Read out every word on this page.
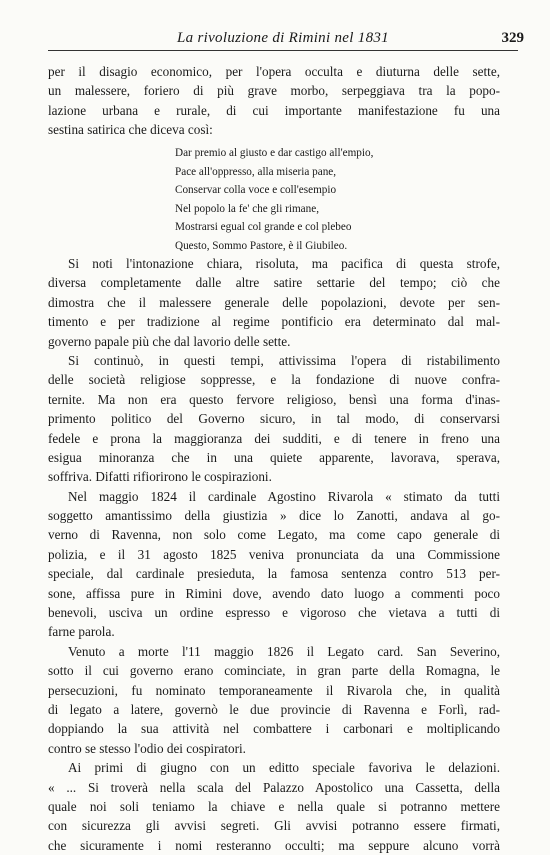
La rivoluzione di Rimini nel 1831	329
per il disagio economico, per l'opera occulta e diuturna delle sette,
un malessere, foriero di più grave morbo, serpeggiava tra la popo-
lazione urbana e rurale, di cui importante manifestazione fu una
sestina satirica che diceva così:
Dar premio al giusto e dar castigo all'empio,
Pace all'oppresso, alla miseria pane,
Conservar colla voce e coll'esempio
Nel popolo la fe' che gli rimane,
Mostrarsi egual col grande e col plebeo
Questo, Sommo Pastore, è il Giubileo.
Si noti l'intonazione chiara, risoluta, ma pacifica di questa strofe,
diversa completamente dalle altre satire settarie del tempo; ciò che
dimostra che il malessere generale delle popolazioni, devote per sen-
timento e per tradizione al regime pontificio era determinato dal mal-
governo papale più che dal lavorio delle sette.
Si continuò, in questi tempi, attivissima l'opera di ristabilimento
delle società religiose soppresse, e la fondazione di nuove confra-
ternite. Ma non era questo fervore religioso, bensì una forma d'inas-
primento politico del Governo sicuro, in tal modo, di conservarsi
fedele e prona la maggioranza dei sudditi, e di tenere in freno una
esigua minoranza che in una quiete apparente, lavorava, sperava,
soffriva. Difatti rifiorirono le cospirazioni.
Nel maggio 1824 il cardinale Agostino Rivarola « stimato da tutti
soggetto amantissimo della giustizia » dice lo Zanotti, andava al go-
verno di Ravenna, non solo come Legato, ma come capo generale di
polizia, e il 31 agosto 1825 veniva pronunciata da una Commissione
speciale, dal cardinale presieduta, la famosa sentenza contro 513 per-
sone, affissa pure in Rimini dove, avendo dato luogo a commenti poco
benevoli, usciva un ordine espresso e vigoroso che vietava a tutti di
farne parola.
Venuto a morte l'11 maggio 1826 il Legato card. San Severino,
sotto il cui governo erano cominciate, in gran parte della Romagna, le
persecuzioni, fu nominato temporaneamente il Rivarola che, in qualità
di legato a latere, governò le due provincie di Ravenna e Forlì, rad-
doppiando la sua attività nel combattere i carbonari e moltiplicando
contro se stesso l'odio dei cospiratori.
Ai primi di giugno con un editto speciale favoriva le delazioni.
« ... Si troverà nella scala del Palazzo Apostolico una Cassetta, della
quale noi soli teniamo la chiave e nella quale si potranno mettere
con sicurezza gli avvisi segreti. Gli avvisi potranno essere firmati,
che sicuramente i nomi resteranno occulti; ma seppure alcuno vorrà
